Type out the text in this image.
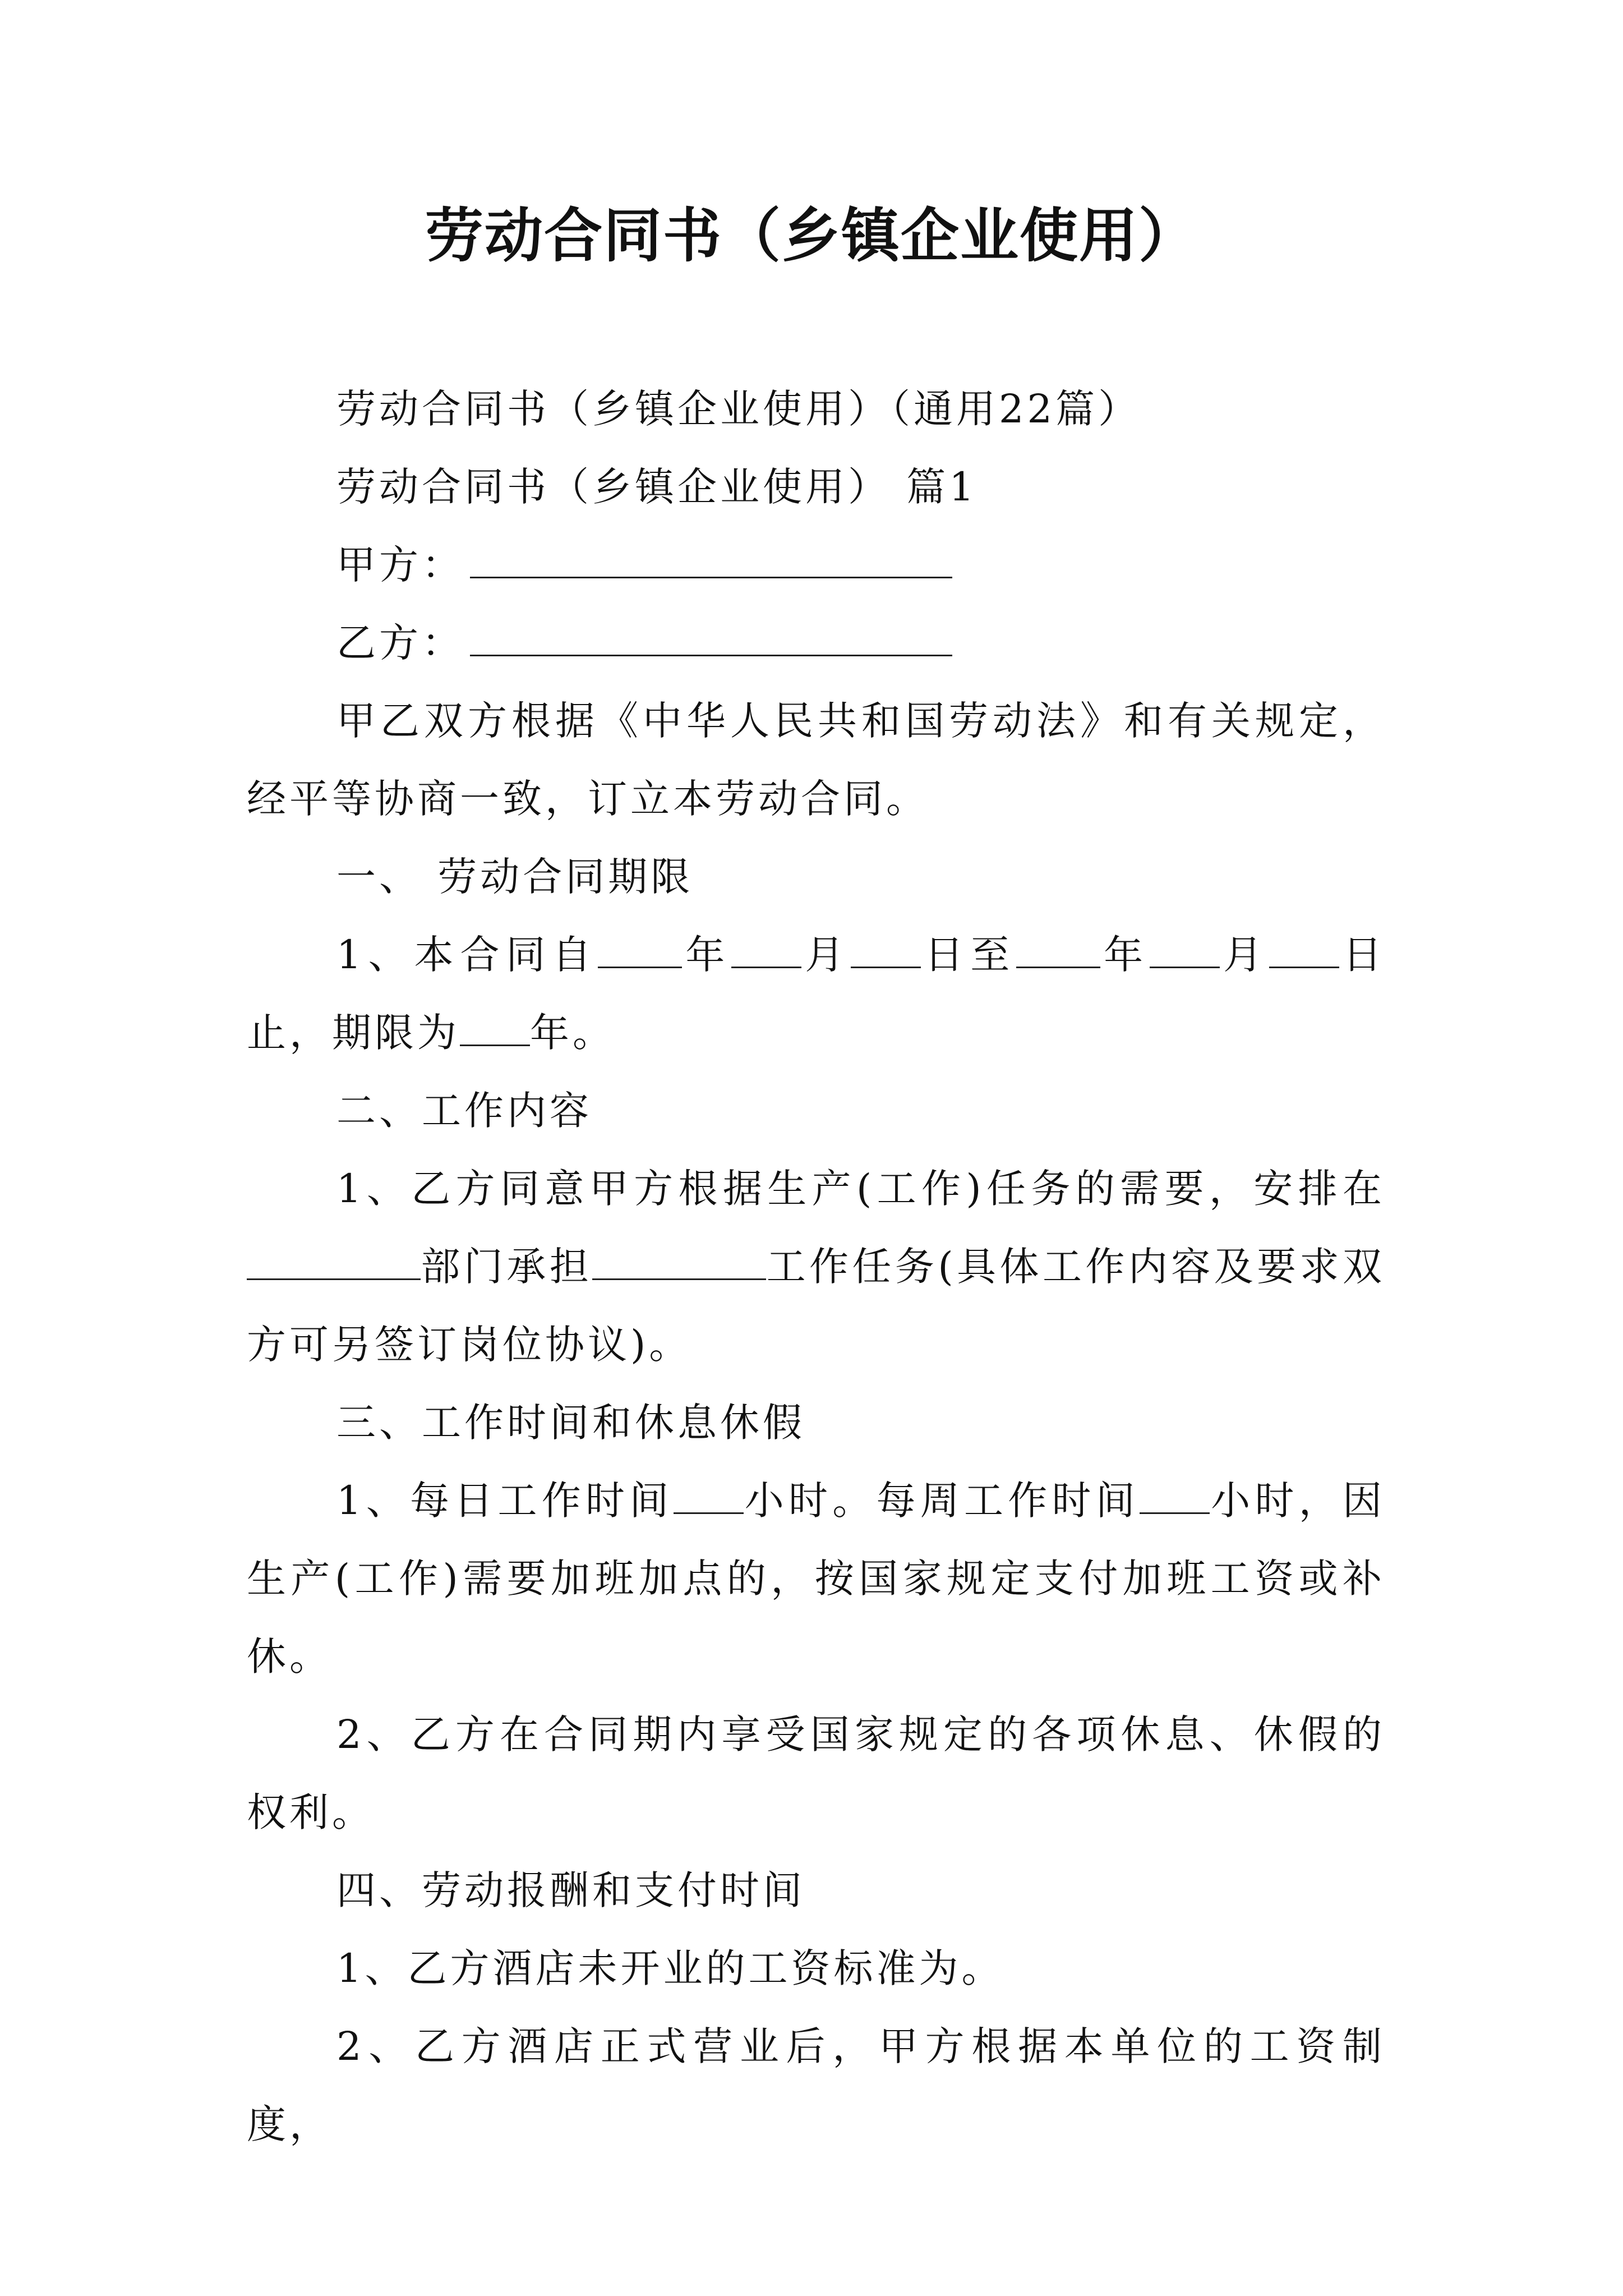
劳动合同书（乡镇企业使用）

劳动合同书（乡镇企业使用）（通用22篇）

劳动合同书（乡镇企业使用） 篇1

甲方：

乙方：

甲乙双方根据《中华人民共和国劳动法》和有关规定，经平等协商一致，订立本劳动合同。

一、 劳动合同期限

1、本合同自 年 月 日至 年 月 日止，期限为 年。

二、工作内容

1、乙方同意甲方根据生产(工作)任务的需要，安排在部门承担	工作任务(具体工作内容及要求双方可另签订岗位协议)。

三、工作时间和休息休假

1、每日工作时间 小时。每周工作时间 小时，因生产(工作)需要加班加点的，按国家规定支付加班工资或补休。

2、乙方在合同期内享受国家规定的各项休息、休假的权利。

四、劳动报酬和支付时间

1、乙方酒店未开业的工资标准为。

2、乙方酒店正式营业后，甲方根据本单位的工资制度，
